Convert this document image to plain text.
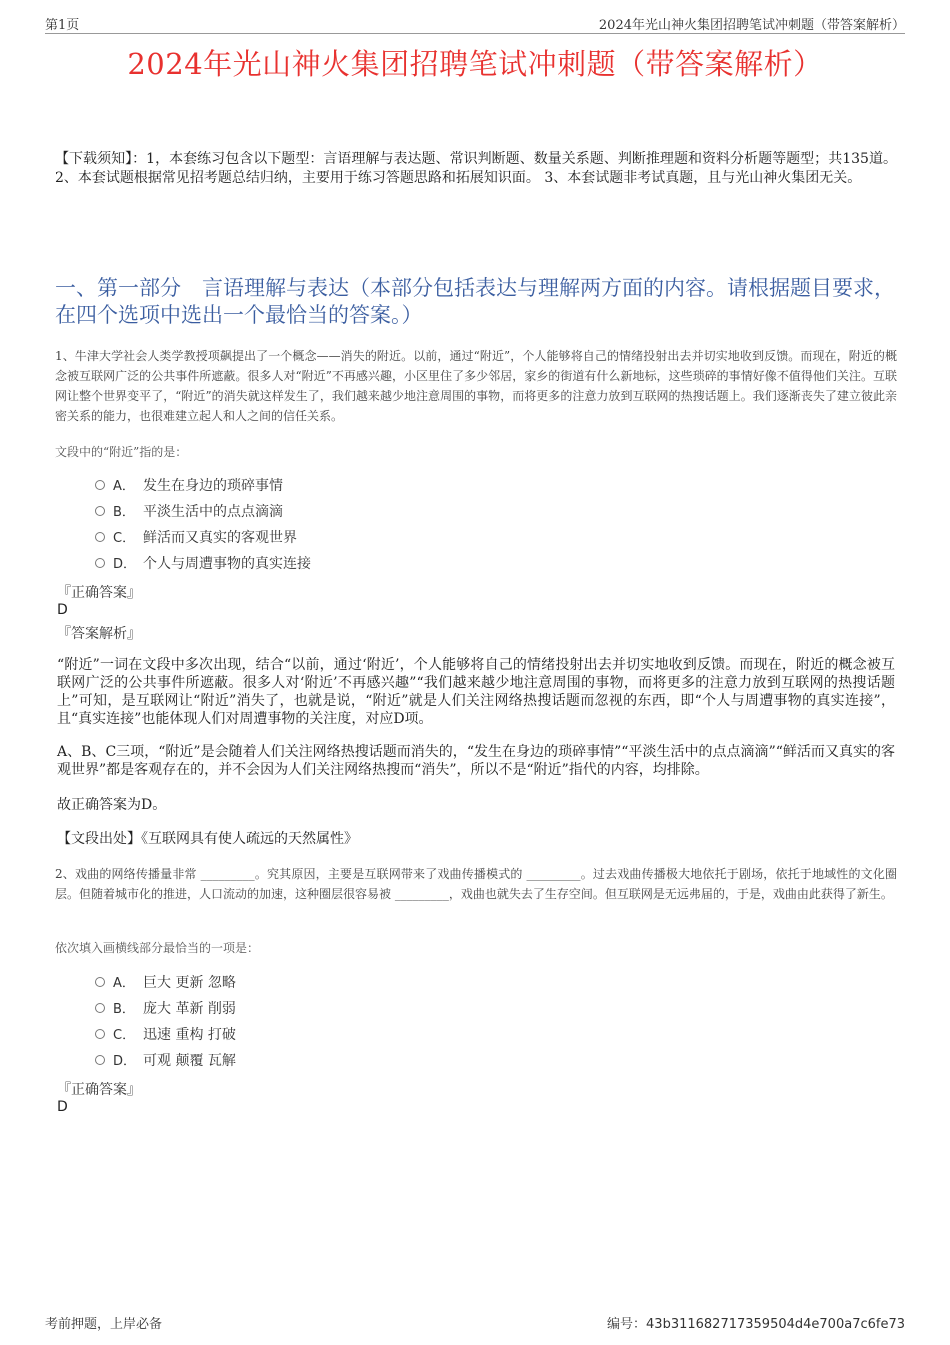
第1页	2024年光山神火集团招聘笔试冲刺题（带答案解析）
2024年光山神火集团招聘笔试冲刺题（带答案解析）
【下载须知】：1，本套练习包含以下题型：言语理解与表达题、常识判断题、数量关系题、判断推理题和资料分析题等题型；共135道。 2、本套试题根据常见招考题总结归纳，主要用于练习答题思路和拓展知识面。 3、本套试题非考试真题，且与光山神火集团无关。
一、第一部分　言语理解与表达（本部分包括表达与理解两方面的内容。请根据题目要求，在四个选项中选出一个最恰当的答案。）
1、牛津大学社会人类学教授项飙提出了一个概念——消失的附近。以前，通过“附近”，个人能够将自己的情绪投射出去并切实地收到反馈。而现在，附近的概念被互联网广泛的公共事件所遮蔽。很多人对“附近”不再感兴趣，小区里住了多少邻居，家乡的街道有什么新地标，这些琐碎的事情好像不值得他们关注。互联网让整个世界变平了，“附近”的消失就这样发生了，我们越来越少地注意周围的事物，而将更多的注意力放到互联网的热搜话题上。我们逐渐丧失了建立彼此亲密关系的能力，也很难建立起人和人之间的信任关系。
文段中的“附近”指的是：
A． 发生在身边的琐碎事情
B． 平淡生活中的点点滴滴
C． 鲜活而又真实的客观世界
D． 个人与周遭事物的真实连接
『正确答案』
D
『答案解析』
“附近”一词在文段中多次出现，结合“以前，通过‘附近’，个人能够将自己的情绪投射出去并切实地收到反馈。而现在，附近的概念被互联网广泛的公共事件所遮蔽。很多人对‘附近’不再感兴趣”“我们越来越少地注意周围的事物，而将更多的注意力放到互联网的热搜话题上”可知，是互联网让“附近”消失了，也就是说，“附近”就是人们关注网络热搜话题而忽视的东西，即“个人与周遭事物的真实连接”，且“真实连接”也能体现人们对周遭事物的关注度，对应D项。
A、B、C三项，“附近”是会随着人们关注网络热搜话题而消失的，“发生在身边的琐碎事情”“平淡生活中的点点滴滴”“鲜活而又真实的客观世界”都是客观存在的，并不会因为人们关注网络热搜而“消失”，所以不是“附近”指代的内容，均排除。
故正确答案为D。
【文段出处】《互联网具有使人疏远的天然属性》
2、戏曲的网络传播量非常 _________。究其原因，主要是互联网带来了戏曲传播模式的 _________。过去戏曲传播极大地依托于剧场，依托于地域性的文化圈层。但随着城市化的推进，人口流动的加速，这种圈层很容易被 _________，戏曲也就失去了生存空间。但互联网是无远弗届的，于是，戏曲由此获得了新生。
依次填入画横线部分最恰当的一项是：
A． 巨大 更新 忽略
B． 庞大 革新 削弱
C． 迅速 重构 打破
D． 可观 颠覆 瓦解
『正确答案』
D
考前押题，上岸必备	编号：43b311682717359504d4e700a7c6fe73
